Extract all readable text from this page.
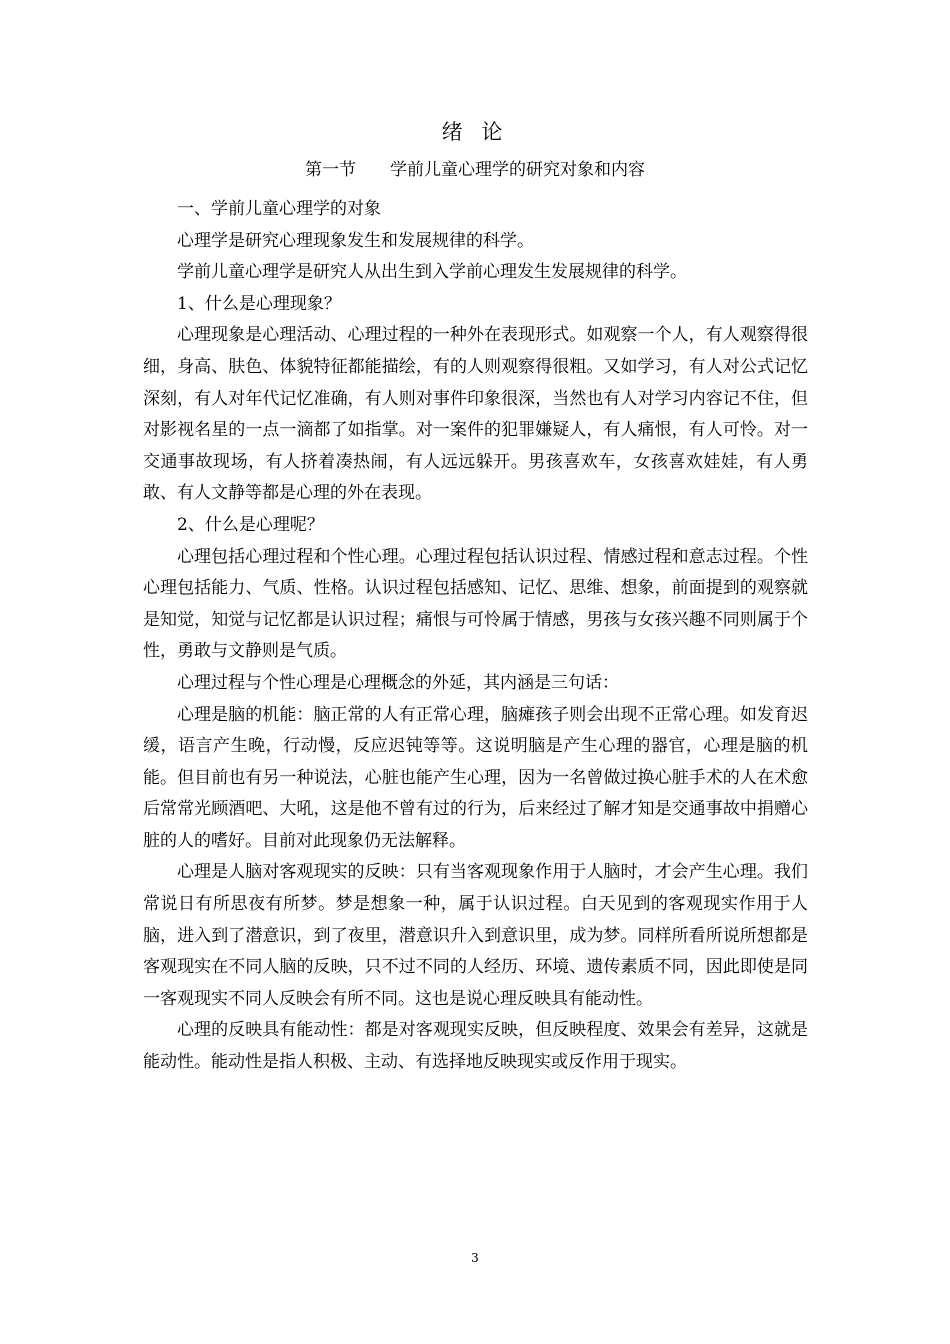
绪 论
第一节　　学前儿童心理学的研究对象和内容

一、学前儿童心理学的对象

心理学是研究心理现象发生和发展规律的科学。

学前儿童心理学是研究人从出生到入学前心理发生发展规律的科学。

1、什么是心理现象？

心理现象是心理活动、心理过程的一种外在表现形式。如观察一个人，有人观察得很细，身高、肤色、体貌特征都能描绘，有的人则观察得很粗。又如学习，有人对公式记忆深刻，有人对年代记忆准确，有人则对事件印象很深，当然也有人对学习内容记不住，但对影视名星的一点一滴都了如指掌。对一案件的犯罪嫌疑人，有人痛恨，有人可怜。对一交通事故现场，有人挤着凑热闹，有人远远躲开。男孩喜欢车，女孩喜欢娃娃，有人勇敢、有人文静等都是心理的外在表现。

2、什么是心理呢？

心理包括心理过程和个性心理。心理过程包括认识过程、情感过程和意志过程。个性心理包括能力、气质、性格。认识过程包括感知、记忆、思维、想象，前面提到的观察就是知觉，知觉与记忆都是认识过程；痛恨与可怜属于情感，男孩与女孩兴趣不同则属于个性，勇敢与文静则是气质。

心理过程与个性心理是心理概念的外延，其内涵是三句话：

心理是脑的机能：脑正常的人有正常心理，脑瘫孩子则会出现不正常心理。如发育迟缓，语言产生晚，行动慢，反应迟钝等等。这说明脑是产生心理的器官，心理是脑的机能。但目前也有另一种说法，心脏也能产生心理，因为一名曾做过换心脏手术的人在术愈后常常光顾酒吧、大吼，这是他不曾有过的行为，后来经过了解才知是交通事故中捐赠心脏的人的嗜好。目前对此现象仍无法解释。

心理是人脑对客观现实的反映：只有当客观现象作用于人脑时，才会产生心理。我们常说日有所思夜有所梦。梦是想象一种，属于认识过程。白天见到的客观现实作用于人脑，进入到了潜意识，到了夜里，潜意识升入到意识里，成为梦。同样所看所说所想都是客观现实在不同人脑的反映，只不过不同的人经历、环境、遗传素质不同，因此即使是同一客观现实不同人反映会有所不同。这也是说心理反映具有能动性。

心理的反映具有能动性：都是对客观现实反映，但反映程度、效果会有差异，这就是能动性。能动性是指人积极、主动、有选择地反映现实或反作用于现实。

3
